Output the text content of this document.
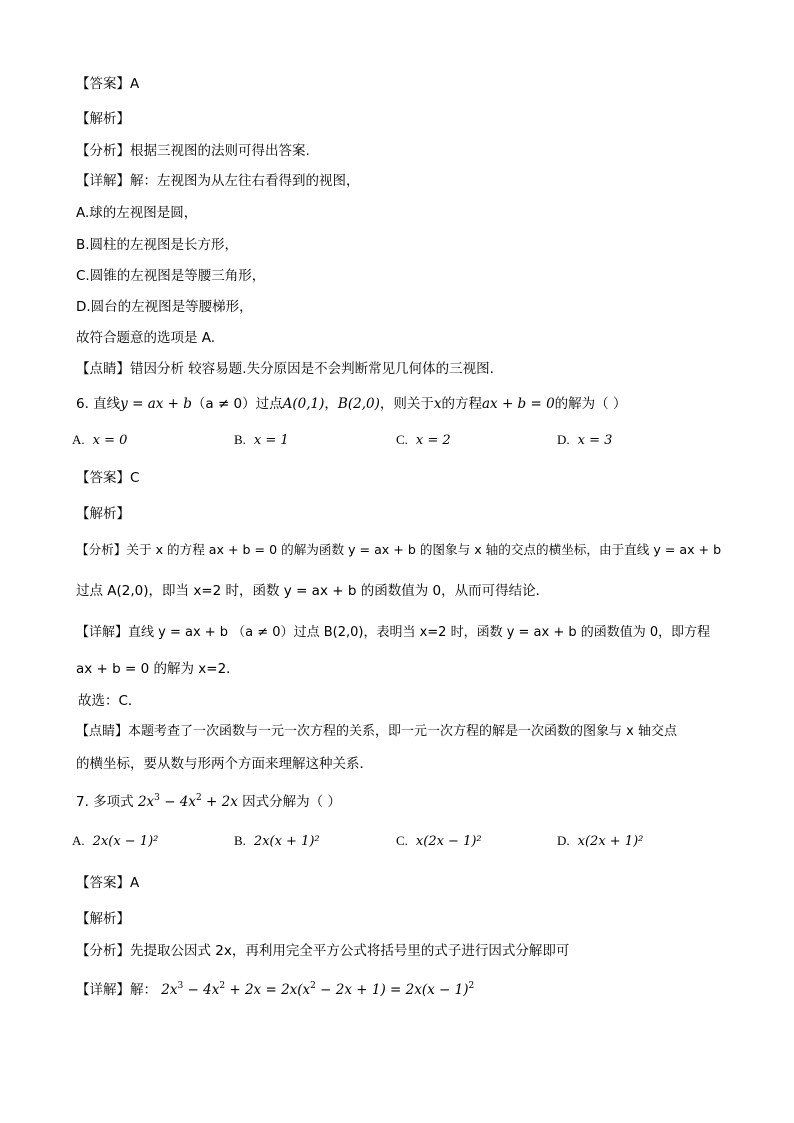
【答案】A
【解析】
【分析】根据三视图的法则可得出答案.
【详解】解：左视图为从左往右看得到的视图，
A.球的左视图是圆，
B.圆柱的左视图是长方形，
C.圆锥的左视图是等腰三角形，
D.圆台的左视图是等腰梯形，
故符合题意的选项是 A.
【点睛】错因分析 较容易题.失分原因是不会判断常见几何体的三视图.
6. 直线y = ax + b（a ≠ 0）过点A(0,1)，B(2,0)，则关于x的方程ax + b = 0的解为（ ）
A. x = 0	B. x = 1	C. x = 2	D. x = 3
【答案】C
【解析】
【分析】关于 x 的方程 ax + b = 0 的解为函数 y = ax + b 的图象与 x 轴的交点的横坐标，由于直线 y = ax + b
过点 A(2,0)，即当 x=2 时，函数 y = ax + b 的函数值为 0，从而可得结论．
【详解】直线 y = ax + b （a ≠ 0）过点 B(2,0)，表明当 x=2 时，函数 y = ax + b 的函数值为 0，即方程
ax + b = 0 的解为 x=2．
故选：C．
【点睛】本题考查了一次函数与一元一次方程的关系，即一元一次方程的解是一次函数的图象与 x 轴交点
的横坐标，要从数与形两个方面来理解这种关系．
7. 多项式 $2x^3 - 4x^2 + 2x$ 因式分解为（ ）
A. 2x(x − 1)²	B. 2x(x + 1)²	C. x(2x − 1)²	D. x(2x + 1)²
【答案】A
【解析】
【分析】先提取公因式 2x，再利用完全平方公式将括号里的式子进行因式分解即可
【详解】解： $2x^3 - 4x^2 + 2x = 2x(x^2 - 2x + 1) = 2x(x - 1)^2$
